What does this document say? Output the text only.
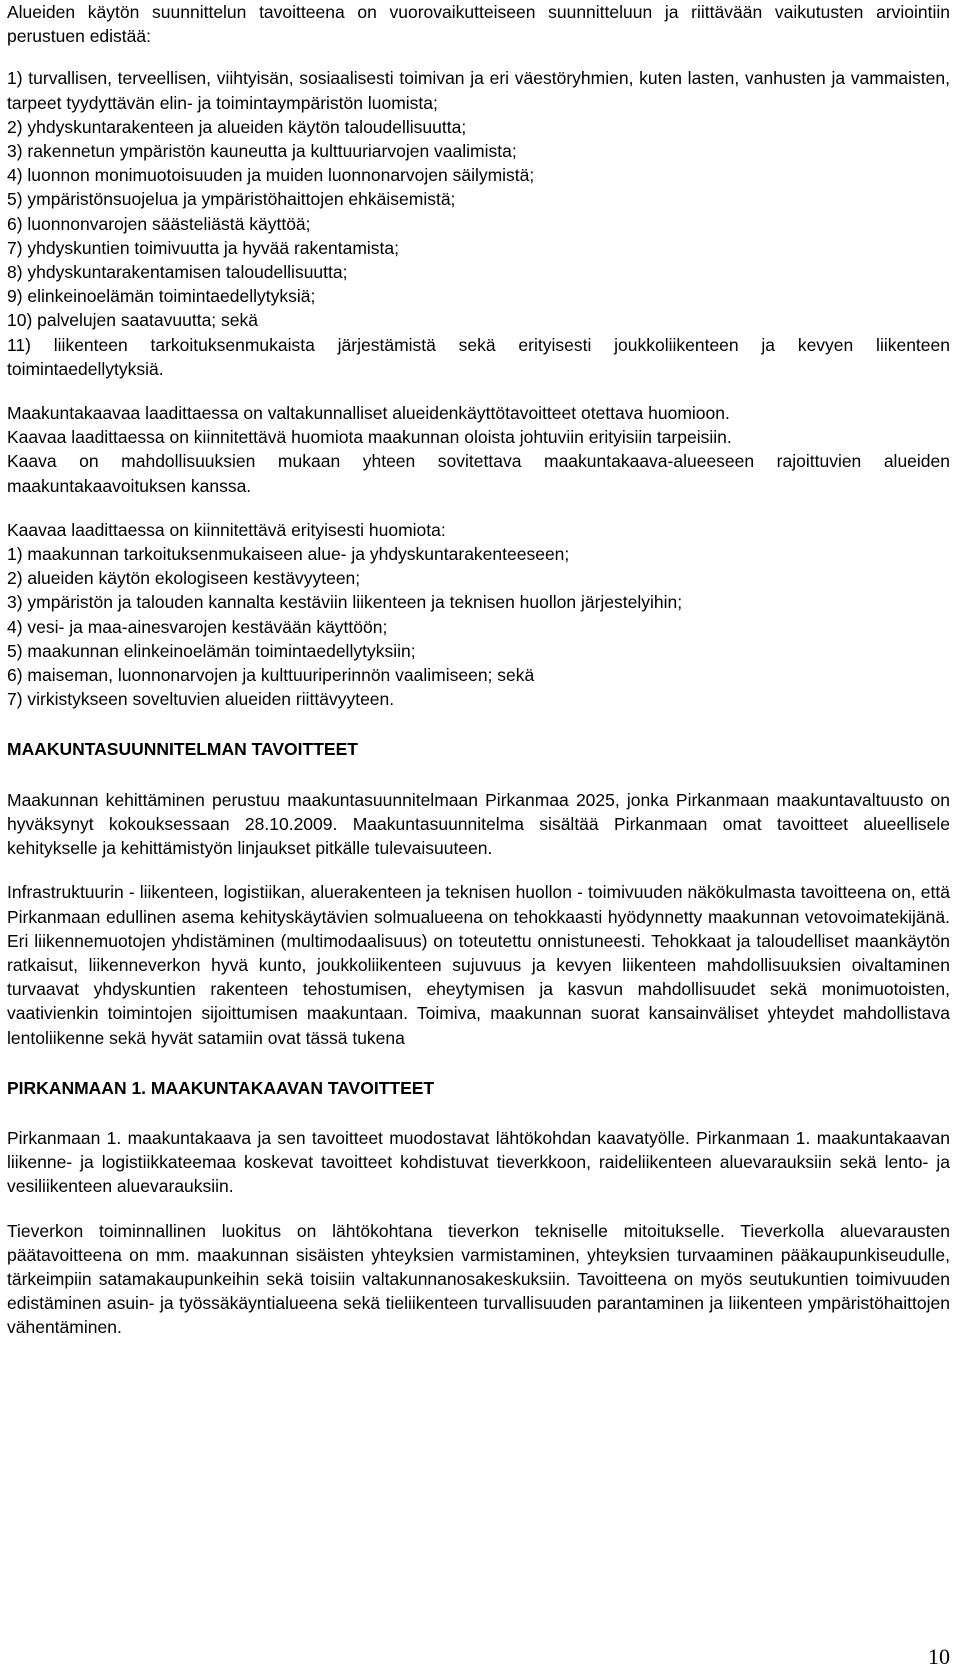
Alueiden käytön suunnittelun tavoitteena on vuorovaikutteiseen suunnitteluun ja riittävään vaikutusten arviointiin perustuen edistää:

1) turvallisen, terveellisen, viihtyisän, sosiaalisesti toimivan ja eri väestöryhmien, kuten lasten, vanhusten ja vammaisten, tarpeet tyydyttävän elin- ja toimintaympäristön luomista;

2) yhdyskuntarakenteen ja alueiden käytön taloudellisuutta;

3) rakennetun ympäristön kauneutta ja kulttuuriarvojen vaalimista;

4) luonnon monimuotoisuuden ja muiden luonnonarvojen säilymistä;

5) ympäristönsuojelua ja ympäristöhaittojen ehkäisemistä;

6) luonnonvarojen säästeliästä käyttöä;

7) yhdyskuntien toimivuutta ja hyvää rakentamista;

8) yhdyskuntarakentamisen taloudellisuutta;

9) elinkeinoelämän toimintaedellytyksiä;

10) palvelujen saatavuutta; sekä

11) liikenteen tarkoituksenmukaista järjestämistä sekä erityisesti joukkoliikenteen ja kevyen liikenteen toimintaedellytyksiä.

Maakuntakaavaa laadittaessa on valtakunnalliset alueidenkäyttötavoitteet otettava huomioon.

Kaavaa laadittaessa on kiinnitettävä huomiota maakunnan oloista johtuviin erityisiin tarpeisiin.

Kaava on mahdollisuuksien mukaan yhteen sovitettava maakuntakaava-alueeseen rajoittuvien alueiden maakuntakaavoituksen kanssa.

Kaavaa laadittaessa on kiinnitettävä erityisesti huomiota:

1) maakunnan tarkoituksenmukaiseen alue- ja yhdyskuntarakenteeseen;

2) alueiden käytön ekologiseen kestävyyteen;

3) ympäristön ja talouden kannalta kestäviin liikenteen ja teknisen huollon järjestelyihin;

4) vesi- ja maa-ainesvarojen kestävään käyttöön;

5) maakunnan elinkeinoelämän toimintaedellytyksiin;

6) maiseman, luonnonarvojen ja kulttuuriperinnön vaalimiseen; sekä

7) virkistykseen soveltuvien alueiden riittävyyteen.

MAAKUNTASUUNNITELMAN TAVOITTEET

Maakunnan kehittäminen perustuu maakuntasuunnitelmaan Pirkanmaa 2025, jonka Pirkanmaan maakuntavaltuusto on hyväksynyt kokouksessaan 28.10.2009. Maakuntasuunnitelma sisältää Pirkanmaan omat tavoitteet alueellisele kehitykselle ja kehittämistyön linjaukset pitkälle tulevaisuuteen.

Infrastruktuurin - liikenteen, logistiikan, aluerakenteen ja teknisen huollon - toimivuuden näkökulmasta tavoitteena on, että Pirkanmaan edullinen asema kehityskäytävien solmualueena on tehokkaasti hyödynnetty maakunnan vetovoimatekijänä. Eri liikennemuotojen yhdistäminen (multimodaalisuus) on toteutettu onnistuneesti. Tehokkaat ja taloudelliset maankäytön ratkaisut, liikenneverkon hyvä kunto, joukkoliikenteen sujuvuus ja kevyen liikenteen mahdollisuuksien oivaltaminen turvaavat yhdyskuntien rakenteen tehostumisen, eheytymisen ja kasvun mahdollisuudet sekä monimuotoisten, vaativienkin toimintojen sijoittumisen maakuntaan. Toimiva, maakunnan suorat kansainväliset yhteydet mahdollistava lentoliikenne sekä hyvät satamiin ovat tässä tukena

PIRKANMAAN 1. MAAKUNTAKAAVAN TAVOITTEET

Pirkanmaan 1. maakuntakaava ja sen tavoitteet muodostavat lähtökohdan kaavatyölle. Pirkanmaan 1. maakuntakaavan liikenne- ja logistiikkateemaa koskevat tavoitteet kohdistuvat tieverkkoon, raideliikenteen aluevarauksiin sekä lento- ja vesiliikenteen aluevarauksiin.

Tieverkon toiminnallinen luokitus on lähtökohtana tieverkon tekniselle mitoitukselle. Tieverkolla aluevarausten päätavoitteena on mm. maakunnan sisäisten yhteyksien varmistaminen, yhteyksien turvaaminen pääkaupunkiseudulle, tärkeimpiin satamakaupunkeihin sekä toisiin valtakunnanosakeskuksiin. Tavoitteena on myös seutukuntien toimivuuden edistäminen asuin- ja työssäkäyntialueena sekä tieliikenteen turvallisuuden parantaminen ja liikenteen ympäristöhaittojen vähentäminen.

10
